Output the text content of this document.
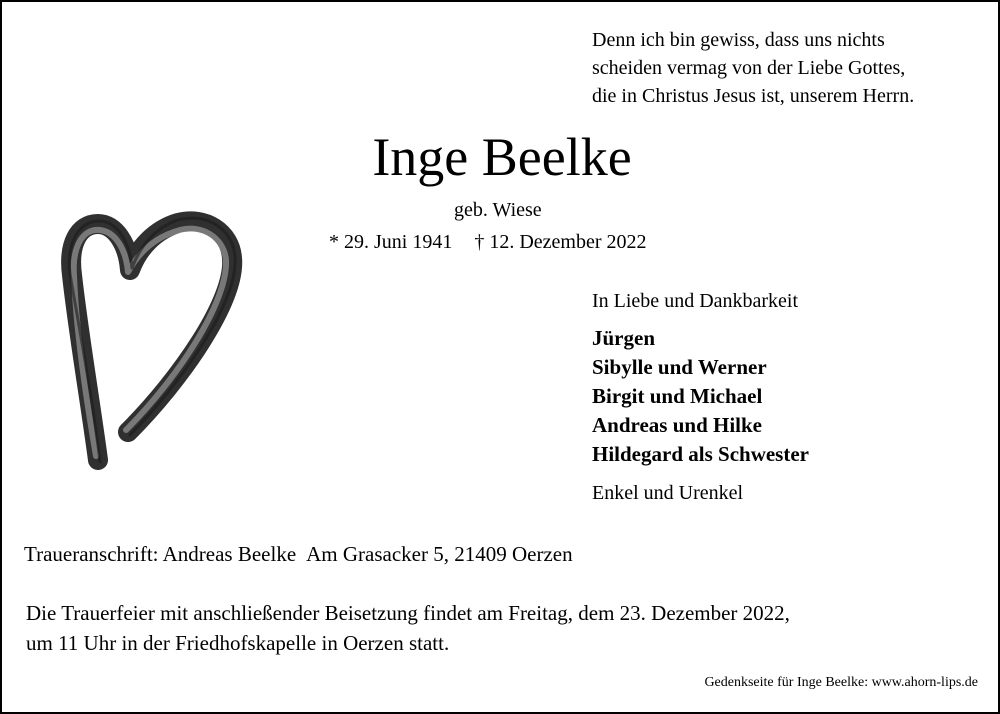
Denn ich bin gewiss, dass uns nichts
scheiden vermag von der Liebe Gottes,
die in Christus Jesus ist, unserem Herrn.
Inge Beelke
geb. Wiese
* 29. Juni 1941 † 12. Dezember 2022
In Liebe und Dankbarkeit
Jürgen
Sibylle und Werner
Birgit und Michael
Andreas und Hilke
Hildegard als Schwester
Enkel und Urenkel
Traueranschrift: Andreas Beelke Am Grasacker 5, 21409 Oerzen
Die Trauerfeier mit anschließender Beisetzung findet am Freitag, dem 23. Dezember 2022,
um 11 Uhr in der Friedhofskapelle in Oerzen statt.
Gedenkseite für Inge Beelke: www.ahorn-lips.de
